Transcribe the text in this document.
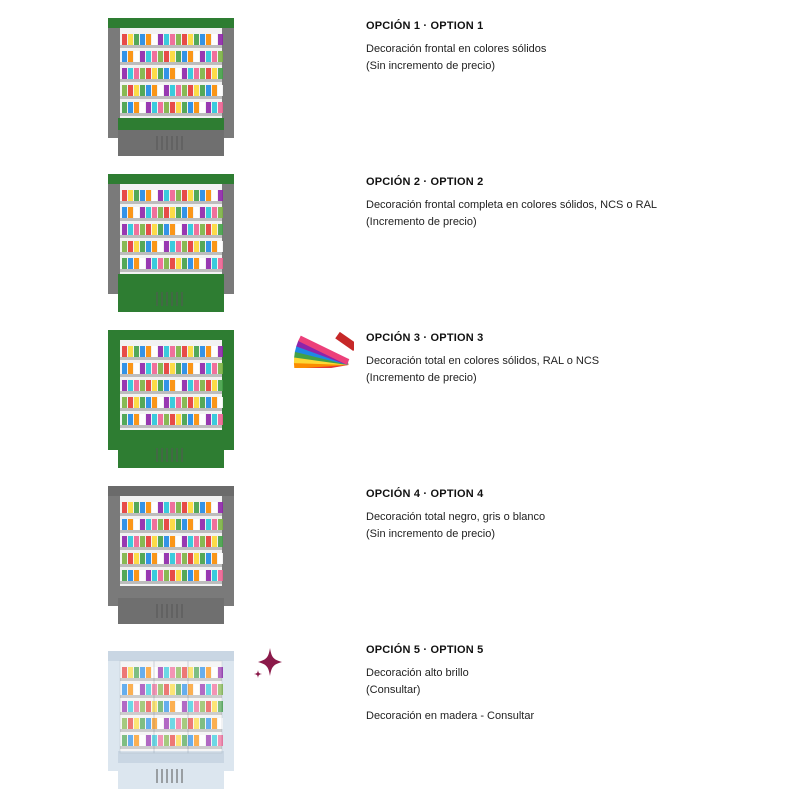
OPCIÓN 1 · OPTION 1
Decoración frontal en colores sólidos
(Sin incremento de precio)
OPCIÓN 2 · OPTION 2
Decoración frontal completa en colores sólidos, NCS o RAL
(Incremento de precio)
OPCIÓN 3 · OPTION 3
Decoración total en colores sólidos, RAL o NCS
(Incremento de precio)
OPCIÓN 4 · OPTION 4
Decoración total negro, gris o blanco
(Sin incremento de precio)
OPCIÓN 5 · OPTION 5
Decoración alto brillo
(Consultar)
Decoración en madera - Consultar
